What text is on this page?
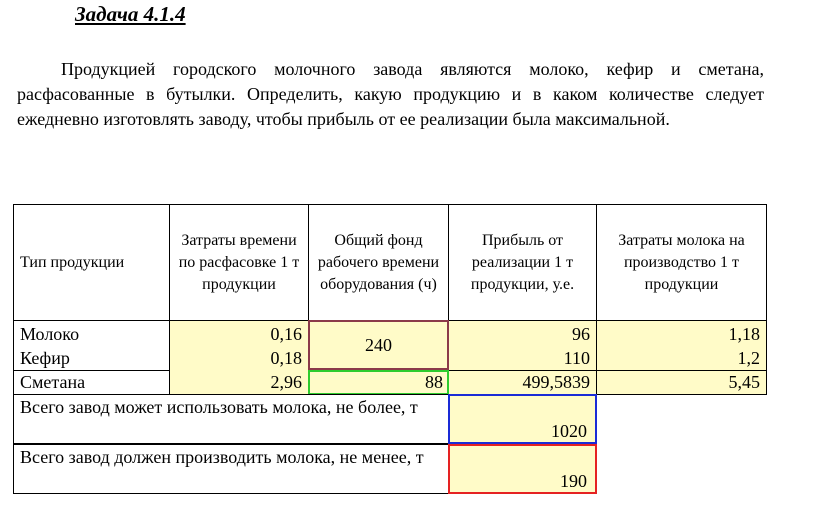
Задача 4.1.4
Продукцией городского молочного завода являются молоко, кефир и сметана, расфасованные в бутылки. Определить, какую продукцию и в каком количестве следует ежедневно изготовлять заводу, чтобы прибыль от ее реализации была максимальной.
Тип продукции
Затраты времени по расфасовке 1 т продукции
Общий фонд рабочего времени оборудования (ч)
Прибыль от реализации 1 т продукции, у.е.
Затраты молока на производство 1 т продукции
Молоко
Кефир
Сметана
0,16
0,18
2,96
240
88
96
110
499,5839
1,18
1,2
5,45
Всего завод может использовать молока, не более, т
1020
Всего завод должен производить молока, не менее, т
190
